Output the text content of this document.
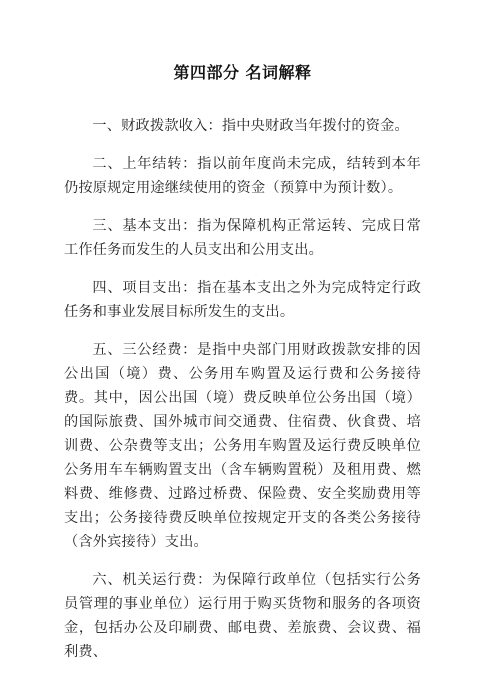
第四部分 名词解释

一、财政拨款收入：指中央财政当年拨付的资金。

二、上年结转：指以前年度尚未完成，结转到本年仍按原规定用途继续使用的资金（预算中为预计数）。

三、基本支出：指为保障机构正常运转、完成日常工作任务而发生的人员支出和公用支出。

四、项目支出：指在基本支出之外为完成特定行政任务和事业发展目标所发生的支出。

五、三公经费：是指中央部门用财政拨款安排的因公出国（境）费、公务用车购置及运行费和公务接待费。其中，因公出国（境）费反映单位公务出国（境）的国际旅费、国外城市间交通费、住宿费、伙食费、培训费、公杂费等支出；公务用车购置及运行费反映单位公务用车车辆购置支出（含车辆购置税）及租用费、燃料费、维修费、过路过桥费、保险费、安全奖励费用等支出；公务接待费反映单位按规定开支的各类公务接待（含外宾接待）支出。

六、机关运行费：为保障行政单位（包括实行公务员管理的事业单位）运行用于购买货物和服务的各项资金，包括办公及印刷费、邮电费、差旅费、会议费、福利费、
